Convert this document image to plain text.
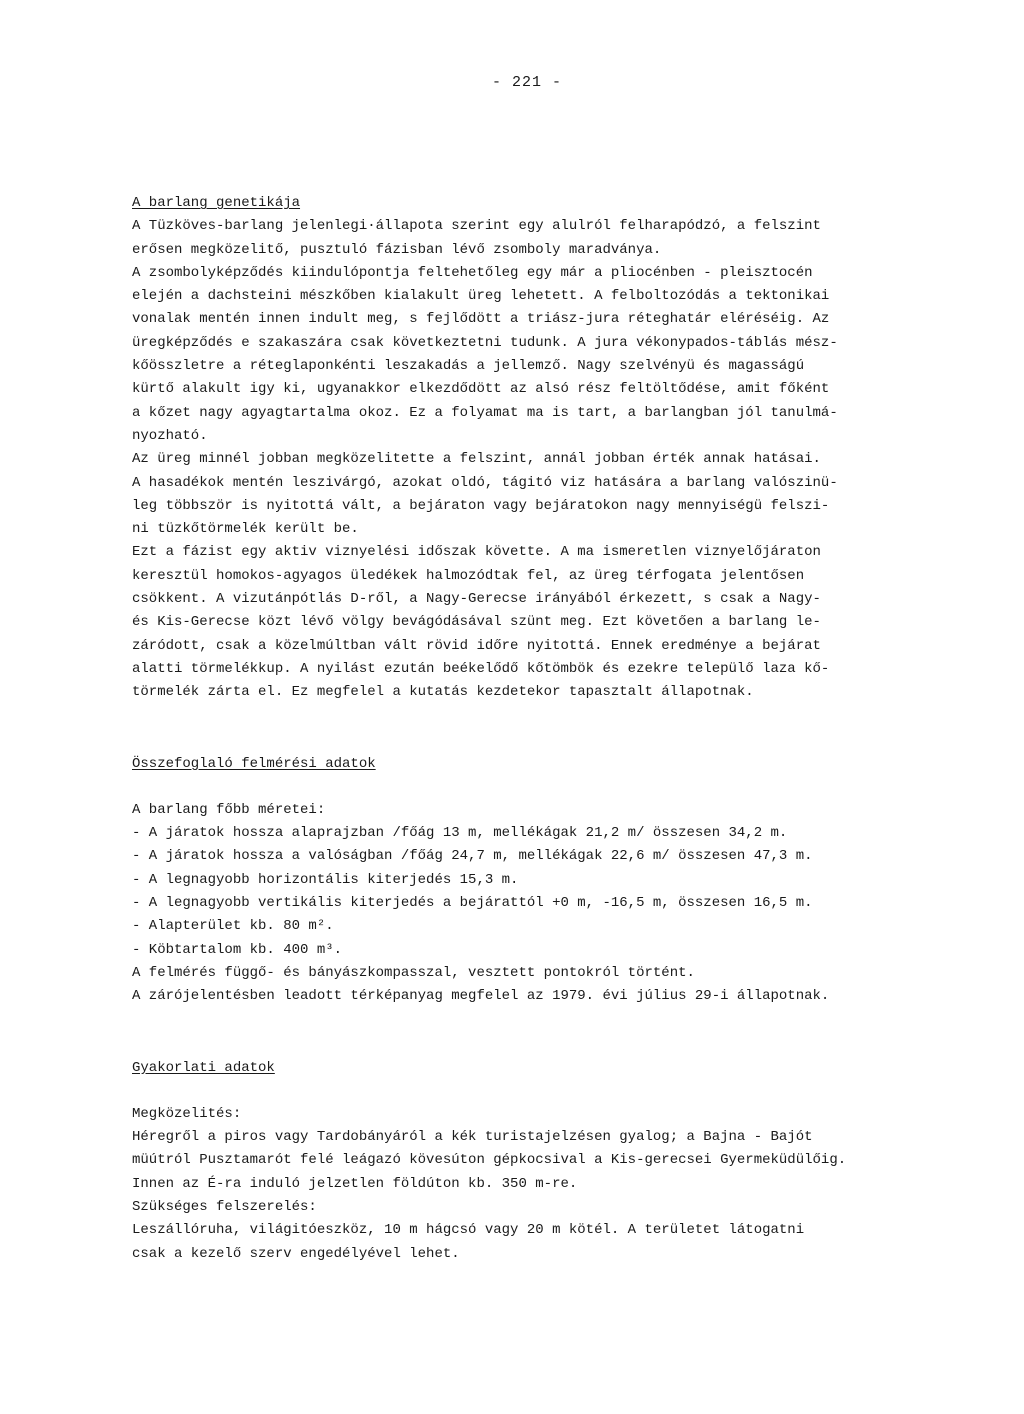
- 221 -
A barlang genetikája
A Tüzköves-barlang jelenlegi·állapota szerint egy alulról felharapódzó, a felszint
erősen megközelitő, pusztuló fázisban lévő zsomboly maradványa.
A zsombolyképződés kiindulópontja feltehetőleg egy már a pliocénben - pleisztocén
elején a dachsteini mészkőben kialakult üreg lehetett. A felboltozódás a tektonikai
vonalak mentén innen indult meg, s fejlődött a triász-jura réteghatár eléréséig. Az
üregképződés e szakaszára csak következtetni tudunk. A jura vékonypados-táblás mész-
kőösszletre a réteglaponkénti leszakadás a jellemző. Nagy szelvényü és magasságú
kürtő alakult igy ki, ugyanakkor elkezdődött az alsó rész feltöltődése, amit főként
a kőzet nagy agyagtartalma okoz. Ez a folyamat ma is tart, a barlangban jól tanulmá-
nyozható.
Az üreg minnél jobban megközelitette a felszint, annál jobban érték annak hatásai.
A hasadékok mentén leszivárgó, azokat oldó, tágitó viz hatására a barlang valószinü-
leg többször is nyitottá vált, a bejáraton vagy bejáratokon nagy mennyiségü felszi-
ni tüzkőtörmelék került be.
Ezt a fázist egy aktiv viznyelési időszak követte. A ma ismeretlen viznyelőjáraton
keresztül homokos-agyagos üledékek halmozódtak fel, az üreg térfogata jelentősen
csökkent. A vizutánpótlás D-ről, a Nagy-Gerecse irányából érkezett, s csak a Nagy-
és Kis-Gerecse közt lévő völgy bevágódásával szünt meg. Ezt követően a barlang le-
záródott, csak a közelmúltban vált rövid időre nyitottá. Ennek eredménye a bejárat
alatti törmelékkup. A nyilást ezután beékelődő kőtömbök és ezekre települő laza kő-
törmelék zárta el. Ez megfelel a kutatás kezdetekor tapasztalt állapotnak.
Összefoglaló felmérési adatok
A barlang főbb méretei:
- A járatok hossza alaprajzban /főág 13 m, mellékágak 21,2 m/ összesen 34,2 m.
- A járatok hossza a valóságban /főág 24,7 m, mellékágak 22,6 m/ összesen 47,3 m.
- A legnagyobb horizontális kiterjedés 15,3 m.
- A legnagyobb vertikális kiterjedés a bejárattól +0 m, -16,5 m, összesen 16,5 m.
- Alapterület kb. 80 m².
- Köbtartalom kb. 400 m³.
A felmérés függő- és bányászkompasszal, vesztett pontokról történt.
A zárójelentésben leadott térképanyag megfelel az 1979. évi július 29-i állapotnak.
Gyakorlati adatok
Megközelités:
Héregről a piros vagy Tardobányáról a kék turistajelzésen gyalog; a Bajna - Bajót
müútról Pusztamarót felé leágazó kövesúton gépkocsival a Kis-gerecsei Gyermeküdülőig.
Innen az É-ra induló jelzetlen földúton kb. 350 m-re.
Szükséges felszerelés:
Leszállóruha, világitóeszköz, 10 m hágcsó vagy 20 m kötél. A területet látogatni
csak a kezelő szerv engedélyével lehet.
